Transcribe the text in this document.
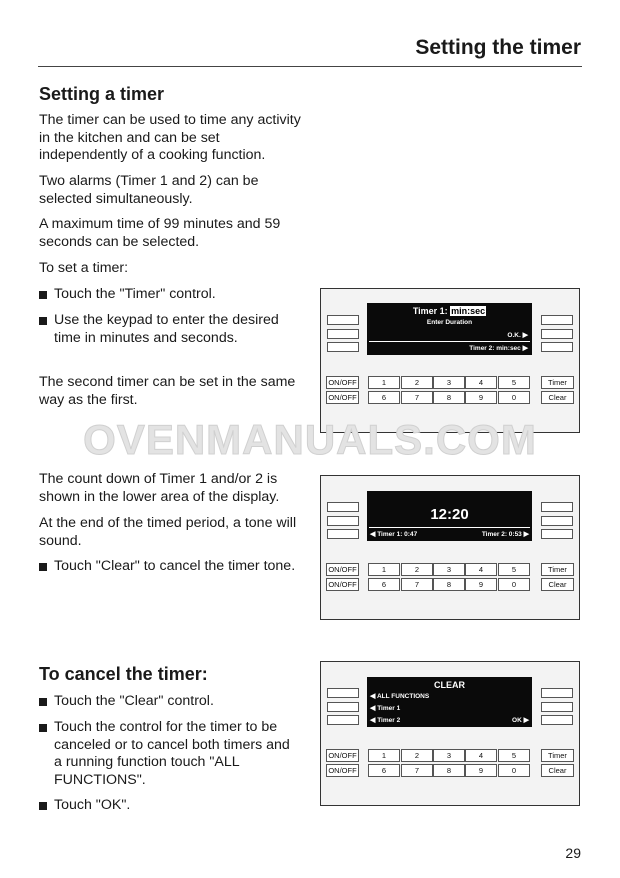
Setting the timer
Setting a timer
The timer can be used to time any activity in the kitchen and can be set independently of a cooking function.
Two alarms (Timer 1 and 2) can be selected simultaneously.
A maximum time of 99 minutes and 59 seconds can be selected.
To set a timer:
Touch the "Timer" control.
Use the keypad to enter the desired time in minutes and seconds.
The second timer can be set in the same way as the first.
Timer 1: min:sec
Enter Duration
O.K. ▶
Timer 2: min:sec ▶
ON/OFF
ON/OFF
1	2	3	4	5
6	7	8	9	0
Timer
Clear
OVENMANUALS.COM
The count down of Timer 1 and/or 2 is shown in the lower area of the display.
At the end of the timed period, a tone will sound.
Touch "Clear" to cancel the timer tone.
12:20
◀ Timer 1: 0:47	Timer 2: 0:53 ▶
ON/OFF
ON/OFF
1	2	3	4	5
6	7	8	9	0
Timer
Clear
To cancel the timer:
Touch the "Clear" control.
Touch the control for the timer to be canceled or to cancel both timers and a running function touch "ALL FUNCTIONS".
Touch "OK".
CLEAR
◀ ALL FUNCTIONS
◀ Timer 1
◀ Timer 2	OK ▶
ON/OFF
ON/OFF
1	2	3	4	5
6	7	8	9	0
Timer
Clear
29
